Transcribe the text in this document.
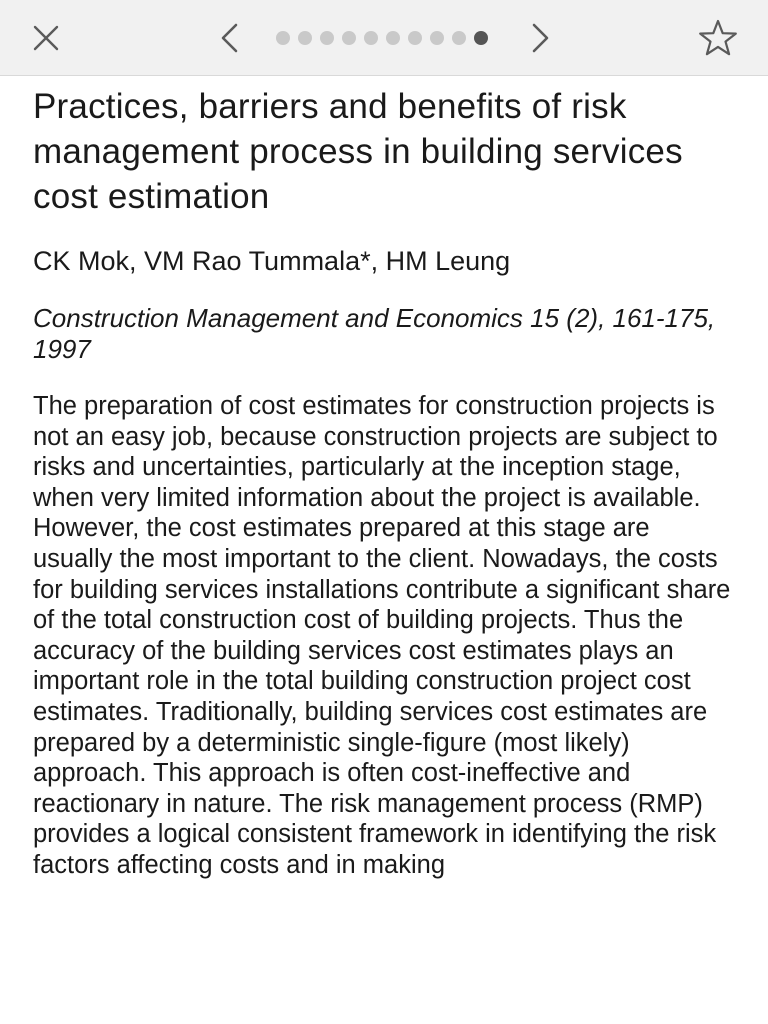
Practices, barriers and benefits of risk management process in building services cost estimation
CK Mok, VM Rao Tummala*, HM Leung
Construction Management and Economics 15 (2), 161-175, 1997
The preparation of cost estimates for construction projects is not an easy job, because construction projects are subject to risks and uncertainties, particularly at the inception stage, when very limited information about the project is available. However, the cost estimates prepared at this stage are usually the most important to the client. Nowadays, the costs for building services installations contribute a significant share of the total construction cost of building projects. Thus the accuracy of the building services cost estimates plays an important role in the total building construction project cost estimates. Traditionally, building services cost estimates are prepared by a deterministic single-figure (most likely) approach. This approach is often cost-ineffective and reactionary in nature. The risk management process (RMP) provides a logical consistent framework in identifying the risk factors affecting costs and in making
